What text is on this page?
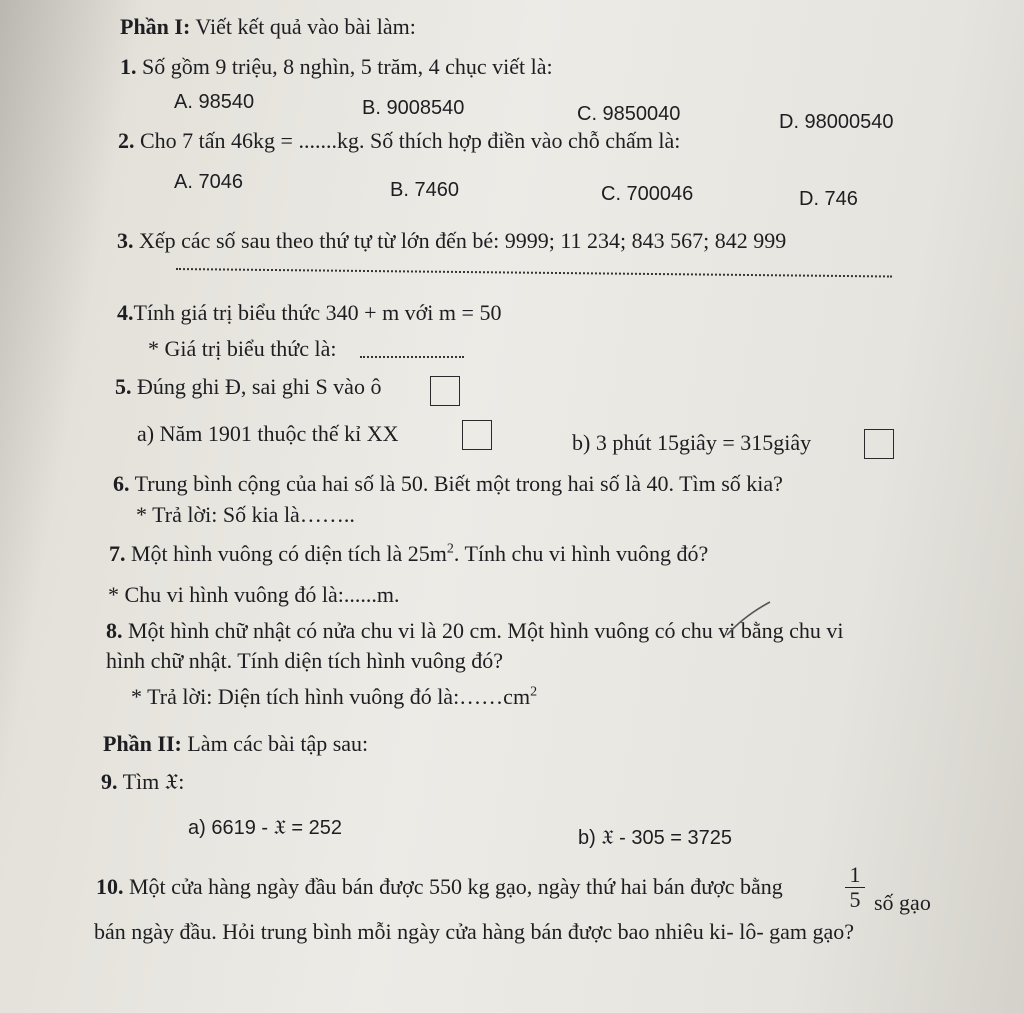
Phần I: Viết kết quả vào bài làm:
1. Số gồm 9 triệu, 8 nghìn, 5 trăm, 4 chục viết là:
A. 98540	B. 9008540	C. 9850040	D. 98000540
2. Cho 7 tấn 46kg = .......kg. Số thích hợp điền vào chỗ chấm là:
A. 7046	B. 7460	C. 700046	D. 746
3. Xếp các số sau theo thứ tự từ lớn đến bé: 9999; 11 234; 843 567; 842 999
4.Tính giá trị biểu thức 340 + m với m = 50
* Giá trị biểu thức là:
5. Đúng ghi Đ, sai ghi S vào ô
a) Năm 1901 thuộc thế kỉ XX	b) 3 phút 15giây = 315giây
6. Trung bình cộng của hai số là 50. Biết một trong hai số là 40. Tìm số kia?
* Trả lời: Số kia là……..
7. Một hình vuông có diện tích là $25m^2$. Tính chu vi hình vuông đó?
* Chu vi hình vuông đó là:......m.
8. Một hình chữ nhật có nửa chu vi là 20 cm. Một hình vuông có chu vi bằng chu vi
hình chữ nhật. Tính diện tích hình vuông đó?
* Trả lời: Diện tích hình vuông đó $là:\dots\dots cm^2$
Phần II: Làm các bài tập sau:
9. Tìm 𝔛:
a) 6619 - 𝔛 = 252	b) 𝔛 - 305 = 3725
10. Một cửa hàng ngày đầu bán được 550 kg gạo, ngày thứ hai bán được bằng	1
5 số gạo
bán ngày đầu. Hỏi trung bình mỗi ngày cửa hàng bán được bao nhiêu ki- lô- gam gạo?
